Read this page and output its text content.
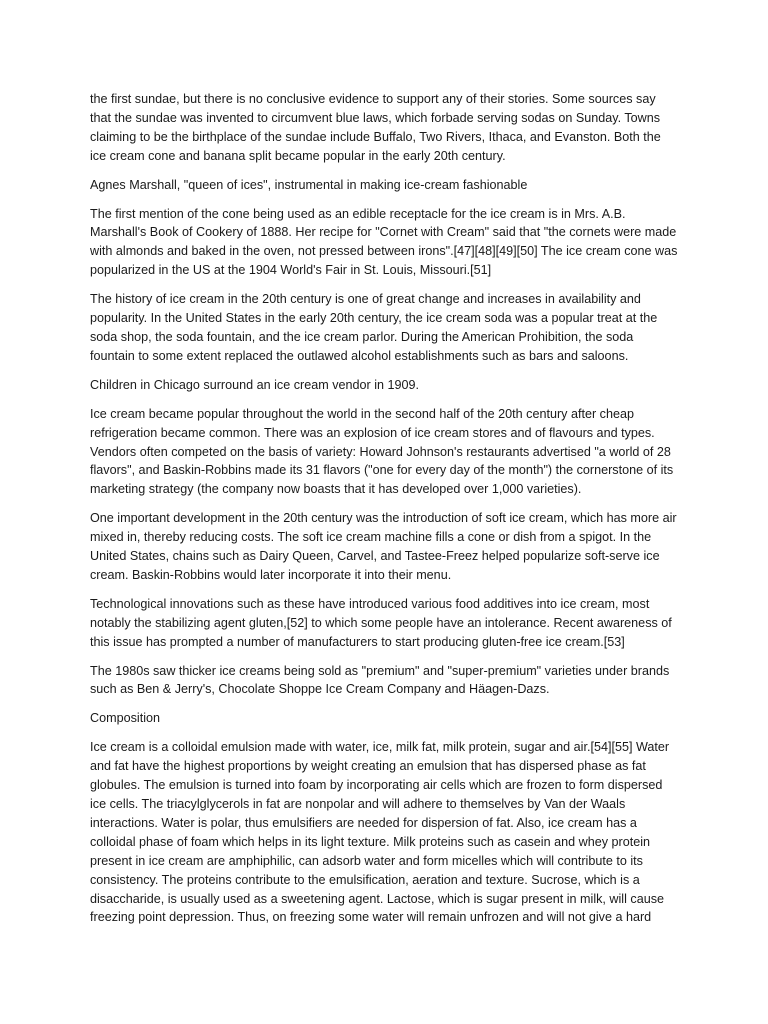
the first sundae, but there is no conclusive evidence to support any of their stories. Some sources say that the sundae was invented to circumvent blue laws, which forbade serving sodas on Sunday. Towns claiming to be the birthplace of the sundae include Buffalo, Two Rivers, Ithaca, and Evanston. Both the ice cream cone and banana split became popular in the early 20th century.

Agnes Marshall, "queen of ices", instrumental in making ice-cream fashionable

The first mention of the cone being used as an edible receptacle for the ice cream is in Mrs. A.B. Marshall's Book of Cookery of 1888. Her recipe for "Cornet with Cream" said that "the cornets were made with almonds and baked in the oven, not pressed between irons".[47][48][49][50] The ice cream cone was popularized in the US at the 1904 World's Fair in St. Louis, Missouri.[51]

The history of ice cream in the 20th century is one of great change and increases in availability and popularity. In the United States in the early 20th century, the ice cream soda was a popular treat at the soda shop, the soda fountain, and the ice cream parlor. During the American Prohibition, the soda fountain to some extent replaced the outlawed alcohol establishments such as bars and saloons.

Children in Chicago surround an ice cream vendor in 1909.

Ice cream became popular throughout the world in the second half of the 20th century after cheap refrigeration became common. There was an explosion of ice cream stores and of flavours and types. Vendors often competed on the basis of variety: Howard Johnson's restaurants advertised "a world of 28 flavors", and Baskin-Robbins made its 31 flavors ("one for every day of the month") the cornerstone of its marketing strategy (the company now boasts that it has developed over 1,000 varieties).

One important development in the 20th century was the introduction of soft ice cream, which has more air mixed in, thereby reducing costs. The soft ice cream machine fills a cone or dish from a spigot. In the United States, chains such as Dairy Queen, Carvel, and Tastee-Freez helped popularize soft-serve ice cream. Baskin-Robbins would later incorporate it into their menu.

Technological innovations such as these have introduced various food additives into ice cream, most notably the stabilizing agent gluten,[52] to which some people have an intolerance. Recent awareness of this issue has prompted a number of manufacturers to start producing gluten-free ice cream.[53]

The 1980s saw thicker ice creams being sold as "premium" and "super-premium" varieties under brands such as Ben & Jerry's, Chocolate Shoppe Ice Cream Company and Häagen-Dazs.

Composition

Ice cream is a colloidal emulsion made with water, ice, milk fat, milk protein, sugar and air.[54][55] Water and fat have the highest proportions by weight creating an emulsion that has dispersed phase as fat globules. The emulsion is turned into foam by incorporating air cells which are frozen to form dispersed ice cells. The triacylglycerols in fat are nonpolar and will adhere to themselves by Van der Waals interactions. Water is polar, thus emulsifiers are needed for dispersion of fat. Also, ice cream has a colloidal phase of foam which helps in its light texture. Milk proteins such as casein and whey protein present in ice cream are amphiphilic, can adsorb water and form micelles which will contribute to its consistency. The proteins contribute to the emulsification, aeration and texture. Sucrose, which is a disaccharide, is usually used as a sweetening agent. Lactose, which is sugar present in milk, will cause freezing point depression. Thus, on freezing some water will remain unfrozen and will not give a hard
